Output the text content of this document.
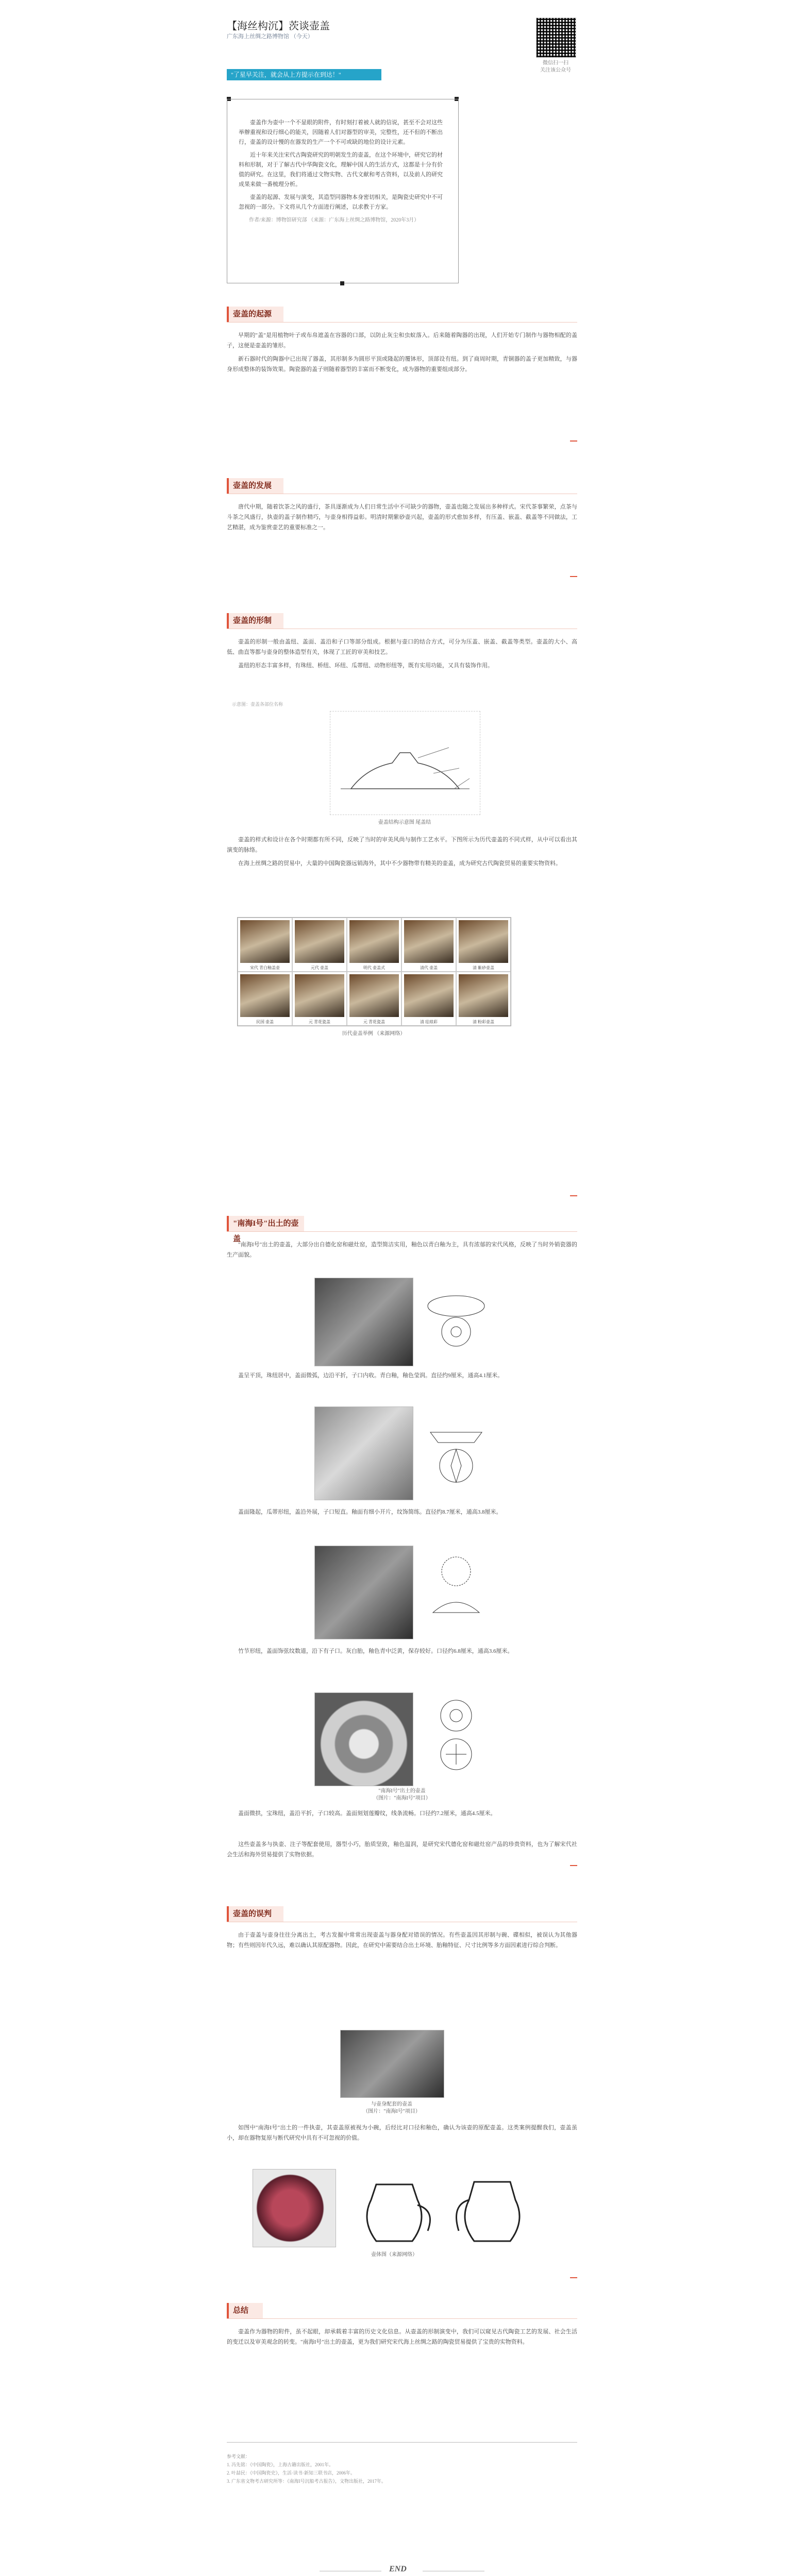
【海丝构沉】茨谈壶盖
广东海上丝绸之路博物馆 （今天）
微信扫一扫
关注该公众号
"了星早关注，就会从上方提示在到达！"

壶盖作为壶中一个不显眼的附件，有时刻打着被人就的信说，甚至不会对这些举辦重视和设行细心的能关，因随着人们对器型的审美，完整性，还不但的不断出行，壶盖的设计慢的在器发的生产一个不可或缺的地位的设计元素。

近十年来关注宋代古陶瓷研究的明朝发生的壶盖，在这个环境中，研究它的材料和形制，对于了解古代中华陶瓷文化，理解中国人的生活方式，这都是十分有价值的研究。在这里，我们将通过文物实物、古代文献和考古资料，以及前人的研究成果来做一番梳理分析。

壶盖的起源、发展与演变，其造型同器物本身密切相关，是陶瓷史研究中不可忽视的一部分。下文将从几个方面进行阐述，以求教于方家。

作者/来源：博物馆研究部 （来源：广东海上丝绸之路博物馆，2020年3月）

壶盖的起源

早期的"盖"是用植物叶子或布帛遮盖在容器的口部，以防止灰尘和虫蚁落入。后来随着陶器的出现，人们开始专门制作与器物相配的盖子，这便是壶盖的雏形。

新石器时代的陶器中已出现了器盖，其形制多为圆形平顶或隆起的覆钵形，顶部设有纽。到了商周时期，青铜器的盖子更加精致，与器身形成整体的装饰效果。陶瓷器的盖子则随着器型的丰富而不断变化，成为器物的重要组成部分。

壶盖的发展

唐代中期，随着饮茶之风的盛行，茶具逐渐成为人们日常生活中不可缺少的器物，壶盖也随之发展出多种样式。宋代茶事繁荣，点茶与斗茶之风盛行，执壶的盖子制作精巧，与壶身相得益彰。明清时期紫砂壶兴起，壶盖的形式愈加多样，有压盖、嵌盖、截盖等不同做法，工艺精湛，成为鉴赏壶艺的重要标准之一。

壶盖的形制

壶盖的形制一般由盖纽、盖面、盖沿和子口等部分组成。根据与壶口的结合方式，可分为压盖、嵌盖、截盖等类型。壶盖的大小、高低、曲直等都与壶身的整体造型有关，体现了工匠的审美和技艺。

盖纽的形态丰富多样，有珠纽、桥纽、环纽、瓜蒂纽、动物形纽等，既有实用功能，又具有装饰作用。

示意图：壶盖各部位名称
壶盖结构示意图 尾盖结

壶盖的样式和设计在各个时期都有所不同，反映了当时的审美风尚与制作工艺水平。下图所示为历代壶盖的不同式样，从中可以看出其演变的脉络。

在海上丝绸之路的贸易中，大量的中国陶瓷器远销海外，其中不少器物带有精美的壶盖，成为研究古代陶瓷贸易的重要实物资料。

宋代 青白釉盖壶	元代 壶盖	明代 壶盖式	清代 壶盖	清 紫砂壶盖
民国 壶盖	元 青花瓷盖	元 青花瓷盖	清 珐琅彩	清 粉彩壶盖
历代壶盖举例 （来源网络）
"南海I号"出土的壶盖

"南海I号"出土的壶盖，大部分出自德化窑和磁灶窑，造型简洁实用，釉色以青白釉为主，具有浓郁的宋代风格，反映了当时外销瓷器的生产面貌。

盖呈平顶，珠纽居中，盖面微弧，边沿平折，子口内收。青白釉，釉色莹润。直径约9厘米，通高4.1厘米。

盖面隆起，瓜蒂形纽，盖沿外展，子口短直。釉面有细小开片，纹饰简练。直径约8.7厘米，通高3.8厘米。

竹节形纽，盖面饰弦纹数道，沿下有子口。灰白胎，釉色青中泛黄，保存较好。口径约6.8厘米，通高3.6厘米。

"南海I号"出土的壶盖
（图片："南海I号"项目）

盖面微拱，宝珠纽，盖沿平折，子口较高。盖面刻划莲瓣纹，线条流畅。口径约7.2厘米，通高4.5厘米。

这些壶盖多与执壶、注子等配套使用，器型小巧，胎质坚致，釉色温润，是研究宋代德化窑和磁灶窑产品的珍贵资料，也为了解宋代社会生活和海外贸易提供了实物依据。

壶盖的误判

由于壶盖与壶身往往分离出土，考古发掘中常常出现壶盖与器身配对错误的情况。有些壶盖因其形制与碗、碟相似，被误认为其他器物；有些则因年代久远，难以确认其原配器物。因此，在研究中需要结合出土环境、胎釉特征、尺寸比例等多方面因素进行综合判断。

与壶身配套的壶盖
（图片："南海I号"项目）

如图中"南海I号"出土的一件执壶，其壶盖原被视为小碗，后经比对口径和釉色，确认为该壶的原配壶盖。这类案例提醒我们，壶盖虽小，却在器物复原与断代研究中具有不可忽视的价值。

壶体图（来源网络）
总结

壶盖作为器物的附件，虽不起眼，却承载着丰富的历史文化信息。从壶盖的形制演变中，我们可以窥见古代陶瓷工艺的发展、社会生活的变迁以及审美观念的转变。"南海I号"出土的壶盖，更为我们研究宋代海上丝绸之路的陶瓷贸易提供了宝贵的实物资料。

参考文献：
1. 冯先铭：《中国陶瓷》，上海古籍出版社，2001年。
2. 叶喆民：《中国陶瓷史》，生活·读书·新知三联书店，2006年。
3. 广东省文物考古研究所等：《南海I号沉船考古报告》，文物出版社，2017年。
END
